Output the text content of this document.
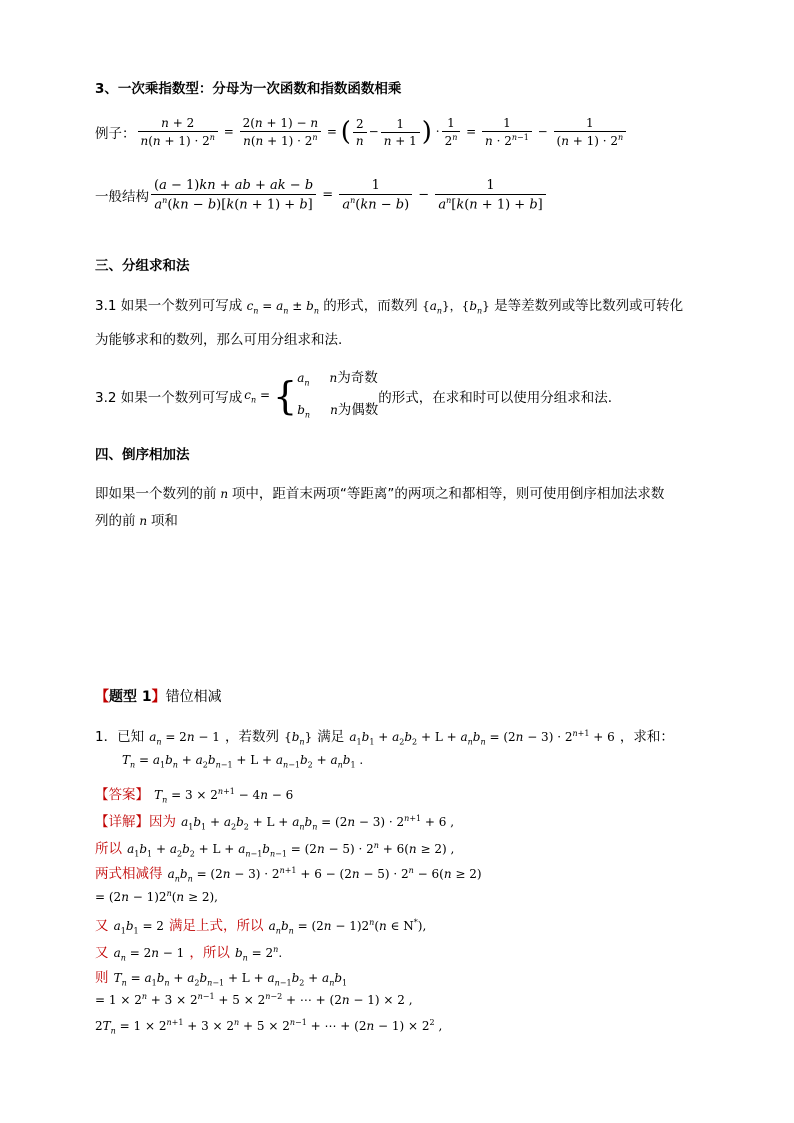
3、一次乘指数型：分母为一次函数和指数函数相乘
例子： $\frac{n + 2}{n(n + 1) \cdot 2^n} = \frac{2(n + 1) - n}{n(n + 1) \cdot 2^n}$ = ( $\frac{2}{n} - \frac{1}{n + 1}$ ) · $\frac{1}{2^n} = \frac{1}{n \cdot 2^{n-1}} - \frac{1}{(n + 1) \cdot 2^n}$
一般结构 $\frac{(a - 1)kn + ab + ak - b}{a^n(kn - b)[k(n + 1) + b]} = \frac{1}{a^n(kn - b)} - \frac{1}{a^n[k(n + 1) + b]}$
三、分组求和法
3.1 如果一个数列可写成 $c_n = a_n \pm b_n$ 的形式，而数列 $\{a_n\}$，$\{b_n\}$ 是等差数列或等比数列或可转化
为能够求和的数列，那么可用分组求和法.
3.2 如果一个数列可写成 $c_n$ = { $a_n$ n为奇数
$b_n$ n为偶数
的形式，在求和时可以使用分组求和法.
四、倒序相加法
即如果一个数列的前 n 项中，距首末两项“等距离”的两项之和都相等，则可使用倒序相加法求数
列的前 n 项和
【题型 1】错位相减
1．已知 $a_n = 2n - 1$ ，若数列 $\{b_n\}$ 满足 $a_1b_1 + a_2b_2 + L + a_nb_n = (2n - 3) \cdot 2^{n+1} + 6$ ，求和：
$T_n = a_1b_n + a_2b_{n-1} + L + a_{n-1}b_2 + a_nb_1$ .
【答案】 $T_n = 3 \times 2^{n+1} - 4n - 6$
【详解】因为 $a_1b_1 + a_2b_2 + L + a_nb_n = (2n - 3) \cdot 2^{n+1} + 6$ ,
所以 $a_1b_1 + a_2b_2 + L + a_{n-1}b_{n-1} = (2n - 5) \cdot 2^n + 6(n \ge 2)$ ,
两式相减得 $a_nb_n = (2n - 3) \cdot 2^{n+1} + 6 - (2n - 5) \cdot 2^n - 6(n \ge 2)$
= $(2n - 1)2^n(n \ge 2)$,
又 $a_1b_1 = 2$ 满足上式，所以 $a_nb_n = (2n - 1)2^n(n$ ∈ N*),
又 $a_n = 2n - 1$ ，所以 $b_n = 2^n$.
则 $T_n = a_1b_n + a_2b_{n-1} + L + a_{n-1}b_2 + a_nb_1$
= $1 \times 2^n + 3 \times 2^{n-1} + 5 \times 2^{n-2}$ + ⋯ + (2n − 1) × 2 ,
$2T_n = 1 \times 2^{n+1} + 3 \times 2^n + 5 \times 2^{n-1}$ + ⋯ + $(2n - 1) \times 2^2$ ,
